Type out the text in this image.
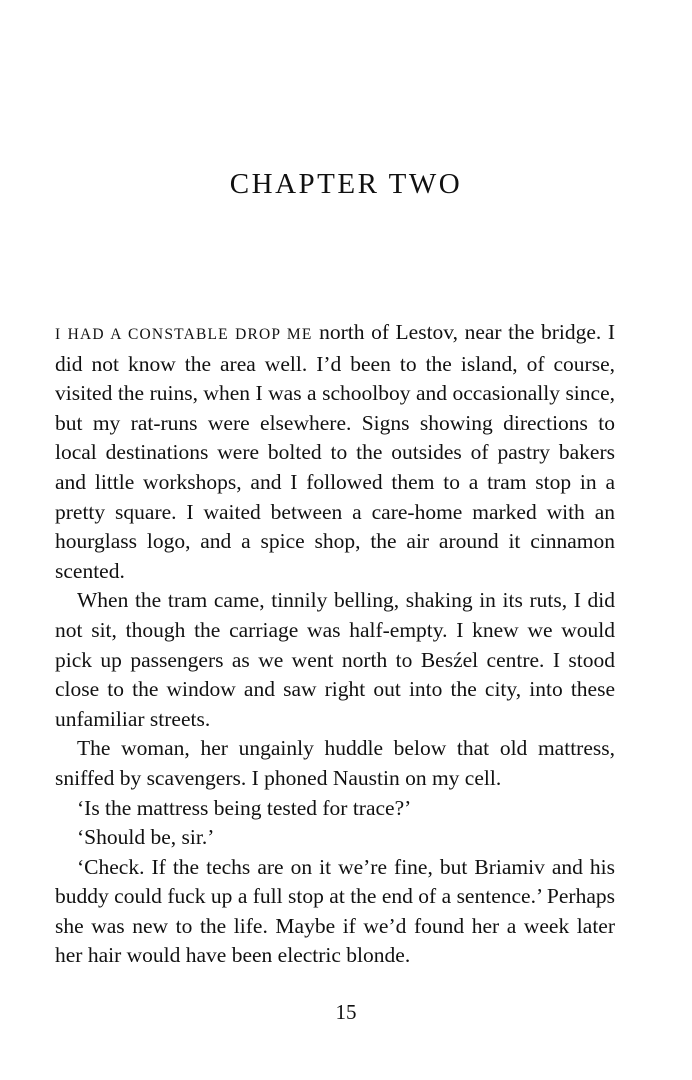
CHAPTER TWO

I HAD A CONSTABLE DROP ME north of Lestov, near the bridge. I did not know the area well. I’d been to the island, of course, visited the ruins, when I was a schoolboy and occasionally since, but my rat-runs were elsewhere. Signs showing directions to local destinations were bolted to the outsides of pastry bakers and little workshops, and I followed them to a tram stop in a pretty square. I waited between a care-home marked with an hourglass logo, and a spice shop, the air around it cinnamon scented.

When the tram came, tinnily belling, shaking in its ruts, I did not sit, though the carriage was half-empty. I knew we would pick up passengers as we went north to Besźel centre. I stood close to the window and saw right out into the city, into these unfamiliar streets.

The woman, her ungainly huddle below that old mattress, sniffed by scavengers. I phoned Naustin on my cell.

‘Is the mattress being tested for trace?’

‘Should be, sir.’

‘Check. If the techs are on it we’re fine, but Briamiv and his buddy could fuck up a full stop at the end of a sentence.’ Perhaps she was new to the life. Maybe if we’d found her a week later her hair would have been electric blonde.

15
